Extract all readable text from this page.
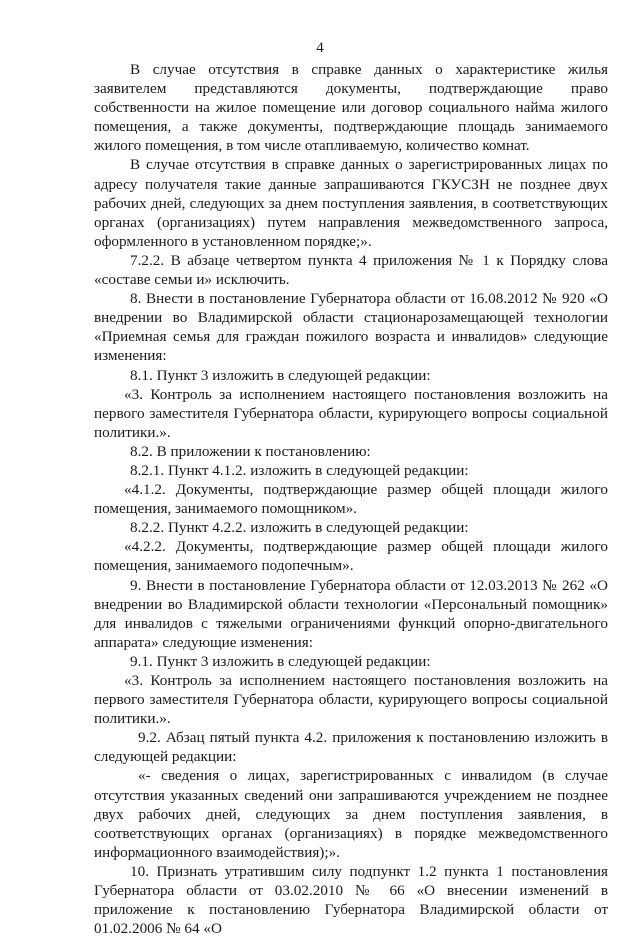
4

В случае отсутствия в справке данных о характеристике жилья заявителем представляются документы, подтверждающие право собственности на жилое помещение или договор социального найма жилого помещения, а также документы, подтверждающие площадь занимаемого жилого помещения, в том числе отапливаемую, количество комнат.

В случае отсутствия в справке данных о зарегистрированных лицах по адресу получателя такие данные запрашиваются ГКУСЗН не позднее двух рабочих дней, следующих за днем поступления заявления, в соответствующих органах (организациях) путем направления межведомственного запроса, оформленного в установленном порядке;».

7.2.2. В абзаце четвертом пункта 4 приложения № 1 к Порядку слова «составе семьи и» исключить.

8. Внести в постановление Губернатора области от 16.08.2012 № 920 «О внедрении во Владимирской области стационарозамещающей технологии «Приемная семья для граждан пожилого возраста и инвалидов» следующие изменения:

8.1. Пункт 3 изложить в следующей редакции:

«3. Контроль за исполнением настоящего постановления возложить на первого заместителя Губернатора области, курирующего вопросы социальной политики.».

8.2. В приложении к постановлению:

8.2.1. Пункт 4.1.2. изложить в следующей редакции:

«4.1.2. Документы, подтверждающие размер общей площади жилого помещения, занимаемого помощником».

8.2.2. Пункт 4.2.2. изложить в следующей редакции:

«4.2.2. Документы, подтверждающие размер общей площади жилого помещения, занимаемого подопечным».

9. Внести в постановление Губернатора области от 12.03.2013 № 262 «О внедрении во Владимирской области технологии «Персональный помощник» для инвалидов с тяжелыми ограничениями функций опорно-двигательного аппарата» следующие изменения:

9.1. Пункт 3 изложить в следующей редакции:

«3. Контроль за исполнением настоящего постановления возложить на первого заместителя Губернатора области, курирующего вопросы социальной политики.».

9.2. Абзац пятый пункта 4.2. приложения к постановлению изложить в следующей редакции:

«- сведения о лицах, зарегистрированных с инвалидом (в случае отсутствия указанных сведений они запрашиваются учреждением не позднее двух рабочих дней, следующих за днем поступления заявления, в соответствующих органах (организациях) в порядке межведомственного информационного взаимодействия);».

10. Признать утратившим силу подпункт 1.2 пункта 1 постановления Губернатора области от 03.02.2010 № 66 «О внесении изменений в приложение к постановлению Губернатора Владимирской области от 01.02.2006 № 64 «О
